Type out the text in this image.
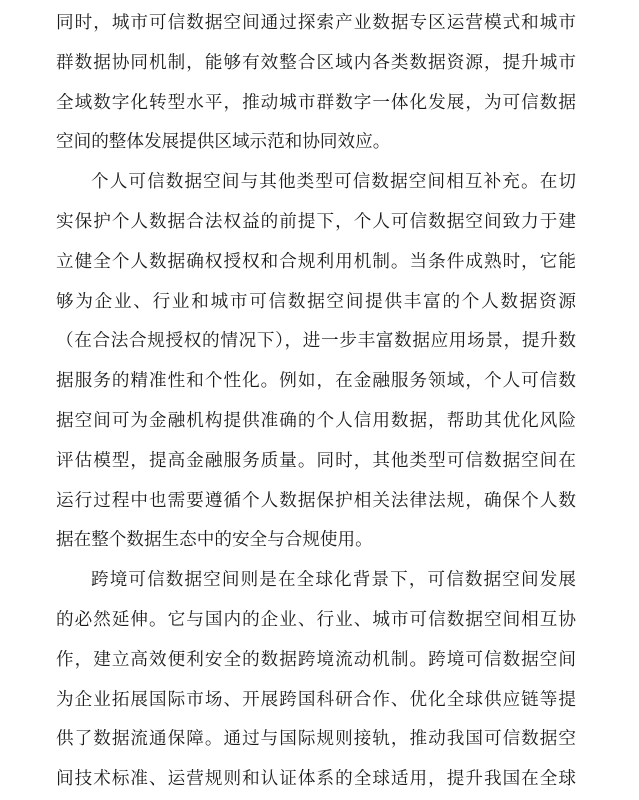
同时，城市可信数据空间通过探索产业数据专区运营模式和城市
群数据协同机制，能够有效整合区域内各类数据资源，提升城市
全域数字化转型水平，推动城市群数字一体化发展，为可信数据
空间的整体发展提供区域示范和协同效应。
个人可信数据空间与其他类型可信数据空间相互补充。在切
实保护个人数据合法权益的前提下，个人可信数据空间致力于建
立健全个人数据确权授权和合规利用机制。当条件成熟时，它能
够为企业、行业和城市可信数据空间提供丰富的个人数据资源
（在合法合规授权的情况下），进一步丰富数据应用场景，提升数
据服务的精准性和个性化。例如，在金融服务领域，个人可信数
据空间可为金融机构提供准确的个人信用数据，帮助其优化风险
评估模型，提高金融服务质量。同时，其他类型可信数据空间在
运行过程中也需要遵循个人数据保护相关法律法规，确保个人数
据在整个数据生态中的安全与合规使用。
跨境可信数据空间则是在全球化背景下，可信数据空间发展
的必然延伸。它与国内的企业、行业、城市可信数据空间相互协
作，建立高效便利安全的数据跨境流动机制。跨境可信数据空间
为企业拓展国际市场、开展跨国科研合作、优化全球供应链等提
供了数据流通保障。通过与国际规则接轨，推动我国可信数据空
间技术标准、运营规则和认证体系的全球适用，提升我国在全球
